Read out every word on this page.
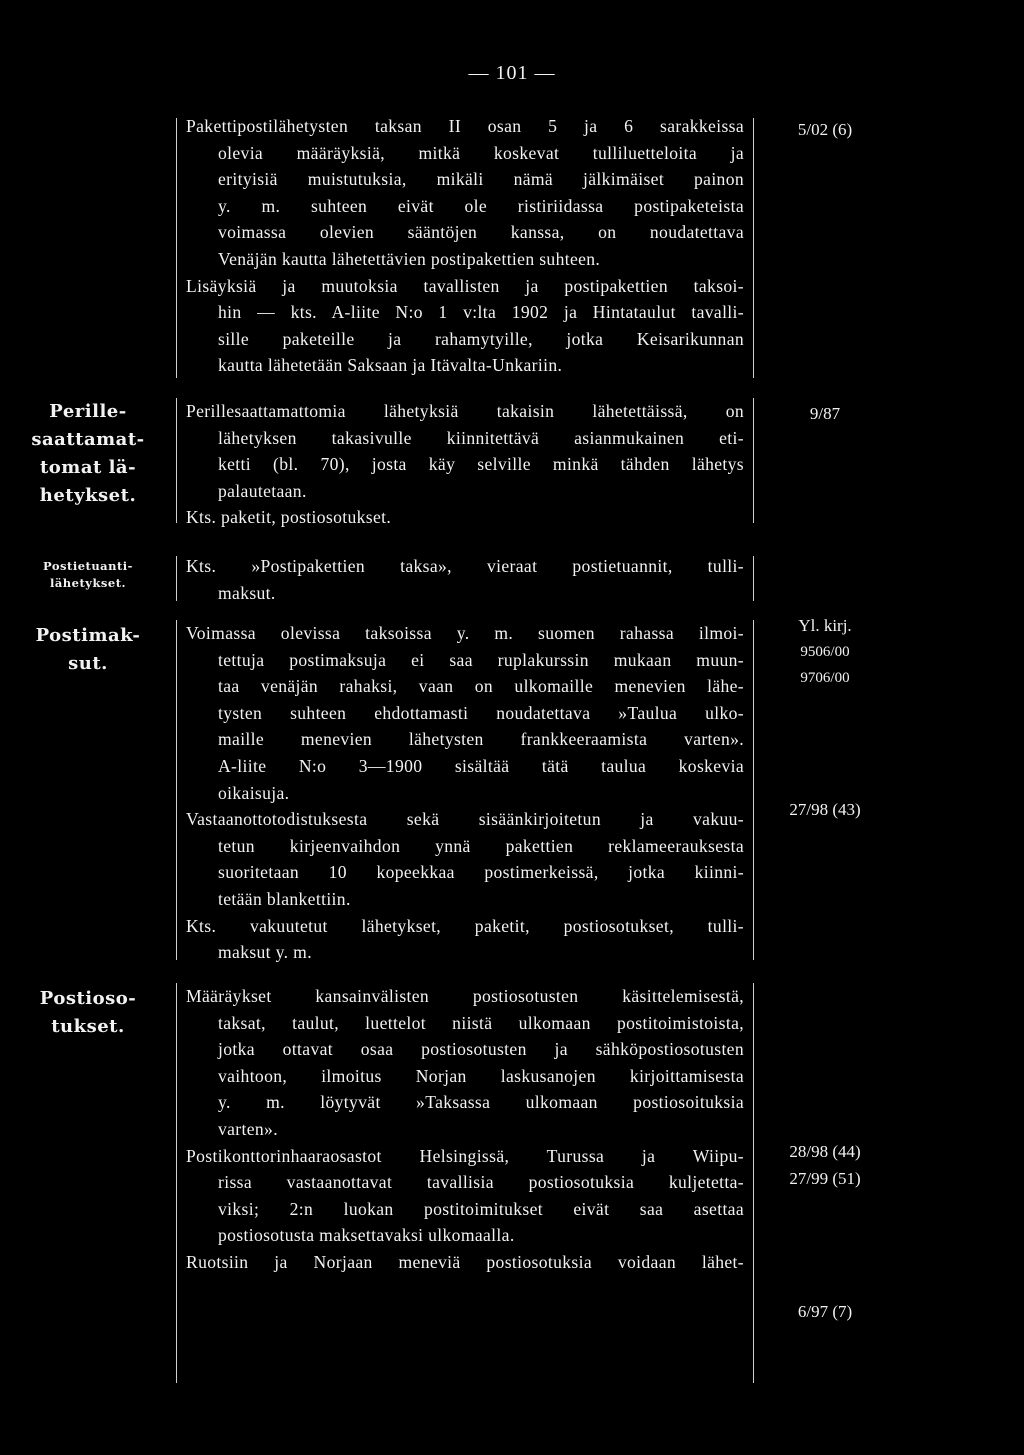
— 101 —
Pakettipostilähetysten taksan II osan 5 ja 6 sarakkeissa
olevia määräyksiä, mitkä koskevat tulliluetteloita ja
erityisiä muistutuksia, mikäli nämä jälkimäiset painon
y. m. suhteen eivät ole ristiriidassa postipaketeista
voimassa olevien sääntöjen kanssa, on noudatettava
Venäjän kautta lähetettävien postipakettien suhteen.
Lisäyksiä ja muutoksia tavallisten ja postipakettien taksoi-
hin — kts. A-liite N:o 1 v:lta 1902 ja Hintataulut tavalli-
sille paketeille ja rahamytyille, jotka Keisarikunnan
kautta lähetetään Saksaan ja Itävalta-Unkariin.
5/02 (6)
Perille-
saattamat-
tomat lä-
hetykset.
Perillesaattamattomia lähetyksiä takaisin lähetettäissä, on
lähetyksen takasivulle kiinnitettävä asianmukainen eti-
ketti (bl. 70), josta käy selville minkä tähden lähetys
palautetaan.
Kts. paketit, postiosotukset.
9/87
Postietuanti-
lähetykset.
Kts. »Postipakettien taksa», vieraat postietuannit, tulli-
maksut.
Postimak-
sut.
Voimassa olevissa taksoissa y. m. suomen rahassa ilmoi-
tettuja postimaksuja ei saa ruplakurssin mukaan muun-
taa venäjän rahaksi, vaan on ulkomaille menevien lähe-
tysten suhteen ehdottamasti noudatettava »Taulua ulko-
maille menevien lähetysten frankkeeraamista varten».
A-liite N:o 3—1900 sisältää tätä taulua koskevia
oikaisuja.
Vastaanottotodistuksesta sekä sisäänkirjoitetun ja vakuu-
tetun kirjeenvaihdon ynnä pakettien reklameerauksesta
suoritetaan 10 kopeekkaa postimerkeissä, jotka kiinni-
tetään blankettiin.
Kts. vakuutetut lähetykset, paketit, postiosotukset, tulli-
maksut y. m.
Yl. kirj.
9506/00
9706/00
27/98 (43)
Postioso-
tukset.
Määräykset kansainvälisten postiosotusten käsittelemisestä,
taksat, taulut, luettelot niistä ulkomaan postitoimistoista,
jotka ottavat osaa postiosotusten ja sähköpostiosotusten
vaihtoon, ilmoitus Norjan laskusanojen kirjoittamisesta
y. m. löytyvät »Taksassa ulkomaan postiosoituksia
varten».
Postikonttorinhaaraosastot Helsingissä, Turussa ja Wiipu-
rissa vastaanottavat tavallisia postiosotuksia kuljetetta-
viksi; 2:n luokan postitoimitukset eivät saa asettaa
postiosotusta maksettavaksi ulkomaalla.
Ruotsiin ja Norjaan meneviä postiosotuksia voidaan lähet-
28/98 (44)
27/99 (51)
6/97 (7)
